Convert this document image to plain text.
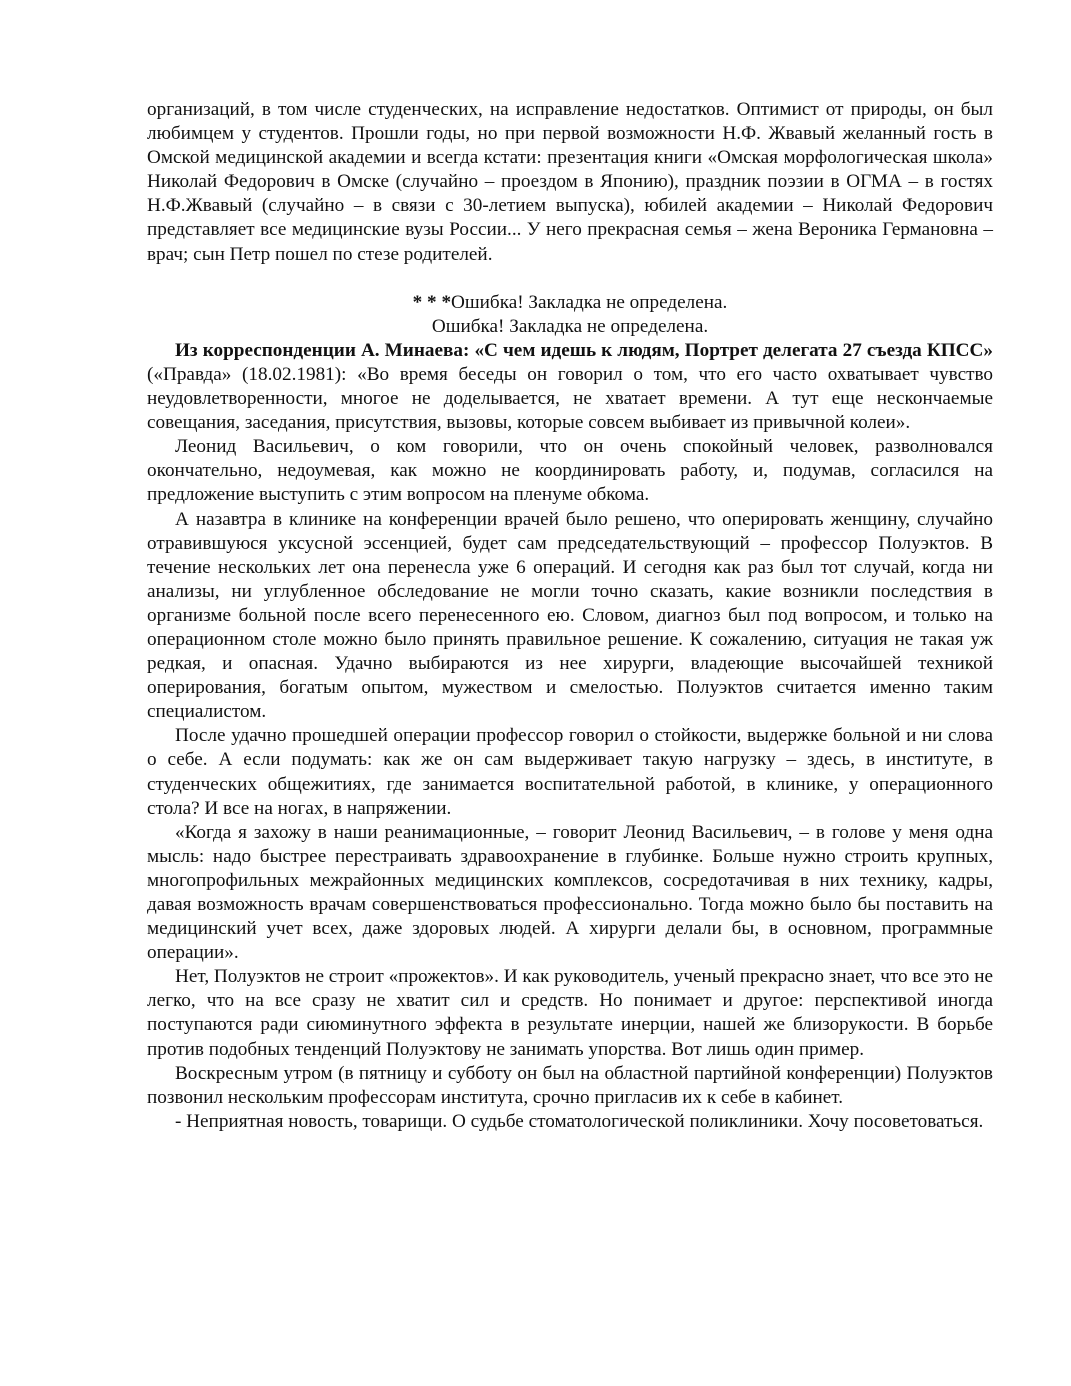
организаций, в том числе студенческих, на исправление недостатков. Оптимист от природы, он был любимцем у студентов. Прошли годы, но при первой возможности Н.Ф. Жвавый желанный гость в Омской медицинской академии и всегда кстати: презентация книги «Омская морфологическая школа» Николай Федорович в Омске (случайно – проездом в Японию), праздник поэзии в ОГМА – в гостях Н.Ф.Жвавый (случайно – в связи с 30-летием выпуска), юбилей академии – Николай Федорович представляет все медицинские вузы России... У него прекрасная семья – жена Вероника Германовна – врач; сын Петр пошел по стезе родителей.

* * *Ошибка! Закладка не определена.

Ошибка! Закладка не определена.

Из корреспонденции А. Минаева: «С чем идешь к людям, Портрет делегата 27 съезда КПСС» («Правда» (18.02.1981): «Во время беседы он говорил о том, что его часто охватывает чувство неудовлетворенности, многое не доделывается, не хватает времени. А тут еще нескончаемые совещания, заседания, присутствия, вызовы, которые совсем выбивает из привычной колеи».

Леонид Васильевич, о ком говорили, что он очень спокойный человек, разволновался окончательно, недоумевая, как можно не координировать работу, и, подумав, согласился на предложение выступить с этим вопросом на пленуме обкома.

А назавтра в клинике на конференции врачей было решено, что оперировать женщину, случайно отравившуюся уксусной эссенцией, будет сам председательствующий – профессор Полуэктов. В течение нескольких лет она перенесла уже 6 операций. И сегодня как раз был тот случай, когда ни анализы, ни углубленное обследование не могли точно сказать, какие возникли последствия в организме больной после всего перенесенного ею. Словом, диагноз был под вопросом, и только на операционном столе можно было принять правильное решение. К сожалению, ситуация не такая уж редкая, и опасная. Удачно выбираются из нее хирурги, владеющие высочайшей техникой оперирования, богатым опытом, мужеством и смелостью. Полуэктов считается именно таким специалистом.

После удачно прошедшей операции профессор говорил о стойкости, выдержке больной и ни слова о себе. А если подумать: как же он сам выдерживает такую нагрузку – здесь, в институте, в студенческих общежитиях, где занимается воспитательной работой, в клинике, у операционного стола? И все на ногах, в напряжении.

«Когда я захожу в наши реанимационные, – говорит Леонид Васильевич, – в голове у меня одна мысль: надо быстрее перестраивать здравоохранение в глубинке. Больше нужно строить крупных, многопрофильных межрайонных медицинских комплексов, сосредотачивая в них технику, кадры, давая возможность врачам совершенствоваться профессионально. Тогда можно было бы поставить на медицинский учет всех, даже здоровых людей. А хирурги делали бы, в основном, программные операции».

Нет, Полуэктов не строит «прожектов». И как руководитель, ученый прекрасно знает, что все это не легко, что на все сразу не хватит сил и средств. Но понимает и другое: перспективой иногда поступаются ради сиюминутного эффекта в результате инерции, нашей же близорукости. В борьбе против подобных тенденций Полуэктову не занимать упорства. Вот лишь один пример.

Воскресным утром (в пятницу и субботу он был на областной партийной конференции) Полуэктов позвонил нескольким профессорам института, срочно пригласив их к себе в кабинет.

- Неприятная новость, товарищи. О судьбе стоматологической поликлиники. Хочу посоветоваться.
